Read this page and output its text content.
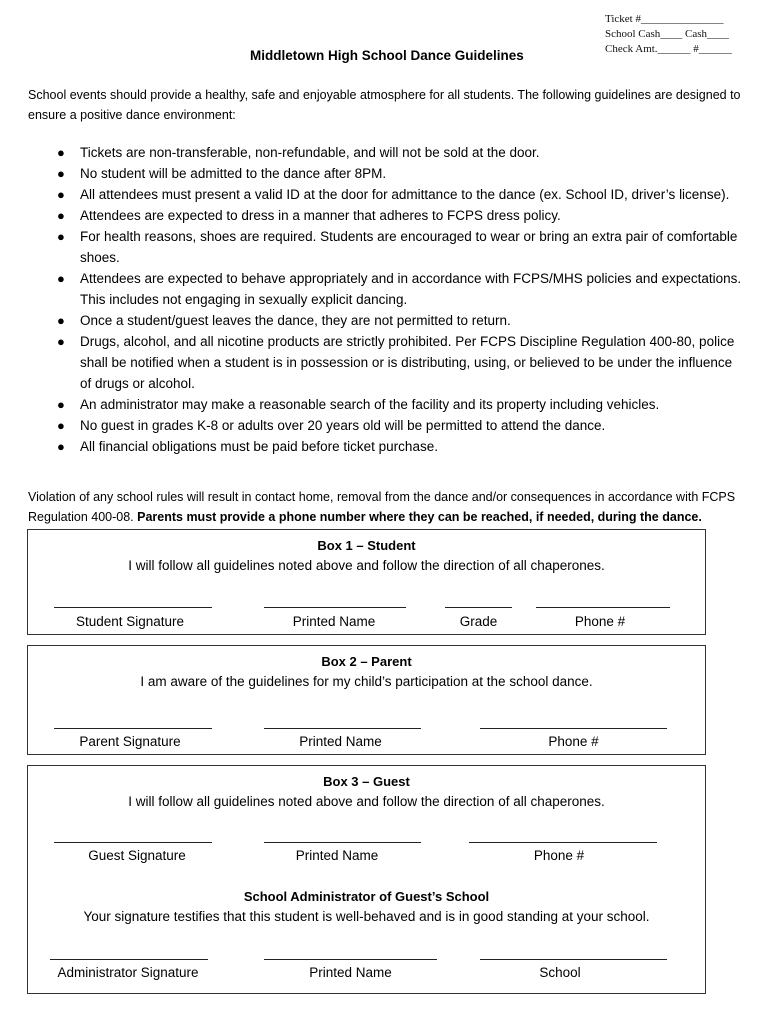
Ticket #_______________
School Cash____ Cash____
Check Amt.______ #______
Middletown High School Dance Guidelines

School events should provide a healthy, safe and enjoyable atmosphere for all students. The following guidelines are designed to ensure a positive dance environment:

● Tickets are non-transferable, non-refundable, and will not be sold at the door.
● No student will be admitted to the dance after 8PM.
● All attendees must present a valid ID at the door for admittance to the dance (ex. School ID, driver’s license).
● Attendees are expected to dress in a manner that adheres to FCPS dress policy.
● For health reasons, shoes are required. Students are encouraged to wear or bring an extra pair of comfortable shoes.
● Attendees are expected to behave appropriately and in accordance with FCPS/MHS policies and expectations. This includes not engaging in sexually explicit dancing.
● Once a student/guest leaves the dance, they are not permitted to return.
● Drugs, alcohol, and all nicotine products are strictly prohibited. Per FCPS Discipline Regulation 400-80, police shall be notified when a student is in possession or is distributing, using, or believed to be under the influence of drugs or alcohol.
● An administrator may make a reasonable search of the facility and its property including vehicles.
● No guest in grades K-8 or adults over 20 years old will be permitted to attend the dance.
● All financial obligations must be paid before ticket purchase.

Violation of any school rules will result in contact home, removal from the dance and/or consequences in accordance with FCPS Regulation 400-08. Parents must provide a phone number where they can be reached, if needed, during the dance.

Box 1 – Student
I will follow all guidelines noted above and follow the direction of all chaperones.
Student Signature	Printed Name	Grade	Phone #
Box 2 – Parent
I am aware of the guidelines for my child’s participation at the school dance.
Parent Signature	Printed Name	Phone #
Box 3 – Guest
I will follow all guidelines noted above and follow the direction of all chaperones.
Guest Signature	Printed Name	Phone #
School Administrator of Guest’s School
Your signature testifies that this student is well-behaved and is in good standing at your school.
Administrator Signature	Printed Name	School
